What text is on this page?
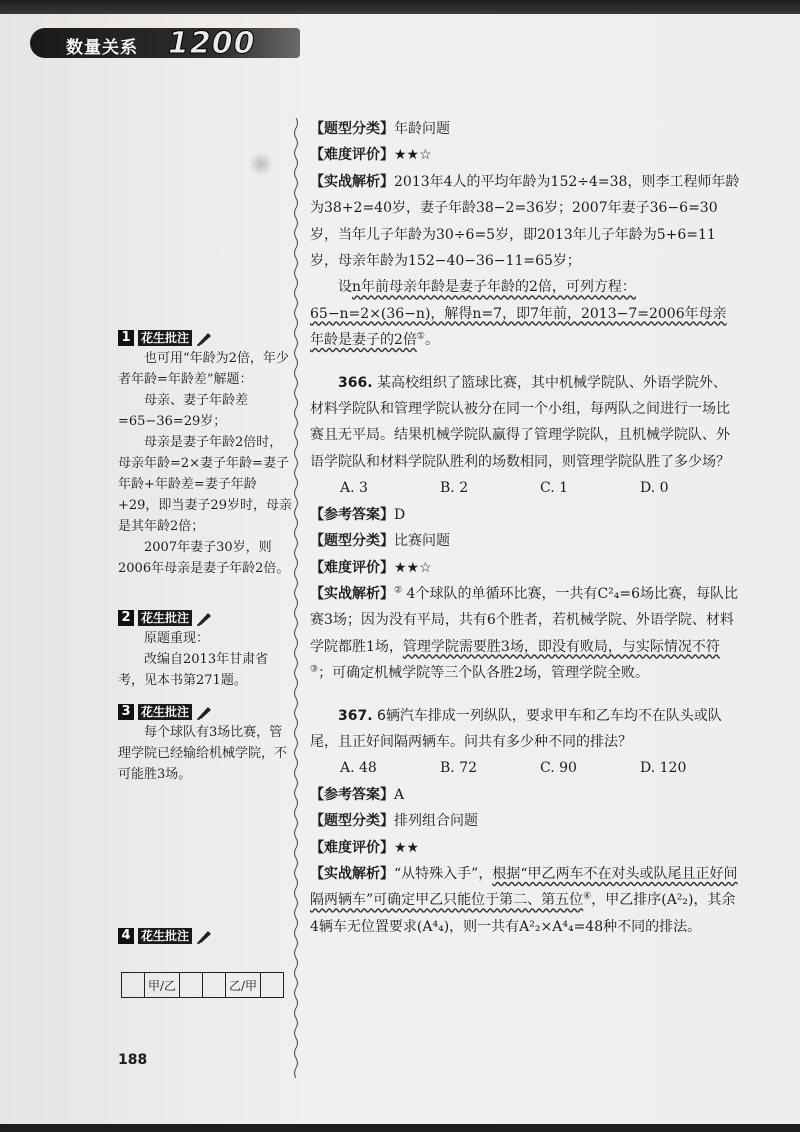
数量关系 1200
1 花生批注

也可用“年龄为2倍，年少者年龄=年龄差”解题：

母亲、妻子年龄差=65−36=29岁；

母亲是妻子年龄2倍时，母亲年龄=2×妻子年龄=妻子年龄+年龄差=妻子年龄+29，即当妻子29岁时，母亲是其年龄2倍；

2007年妻子30岁，则2006年母亲是妻子年龄2倍。

2 花生批注

原题重现：

改编自2013年甘肃省考，见本书第271题。

3 花生批注

每个球队有3场比赛，管理学院已经输给机械学院，不可能胜3场。

4 花生批注
	甲/乙			乙/甲	

【题型分类】年龄问题

【难度评价】★★☆

【实战解析】2013年4人的平均年龄为152÷4=38，则李工程师年龄为38+2=40岁，妻子年龄38−2=36岁；2007年妻子36−6=30岁，当年儿子年龄为30÷6=5岁，即2013年儿子年龄为5+6=11岁，母亲年龄为152−40−36−11=65岁；

设n年前母亲年龄是妻子年龄的2倍，可列方程：65−n=2×(36−n)，解得n=7，即7年前，2013−7=2006年母亲年龄是妻子的2倍①。

366. 某高校组织了篮球比赛，其中机械学院队、外语学院外、材料学院队和管理学院认被分在同一个小组，每两队之间进行一场比赛且无平局。结果机械学院队赢得了管理学院队，且机械学院队、外语学院队和材料学院队胜利的场数相同，则管理学院队胜了多少场？

A. 3	B. 2	C. 1	D. 0

【参考答案】D

【题型分类】比赛问题

【难度评价】★★☆

【实战解析】② 4个球队的单循环比赛，一共有C²₄=6场比赛，每队比赛3场；因为没有平局，共有6个胜者，若机械学院、外语学院、材料学院都胜1场，管理学院需要胜3场，即没有败局，与实际情况不符③；可确定机械学院等三个队各胜2场，管理学院全败。

367. 6辆汽车排成一列纵队，要求甲车和乙车均不在队头或队尾，且正好间隔两辆车。问共有多少种不同的排法？

A. 48	B. 72	C. 90	D. 120

【参考答案】A

【题型分类】排列组合问题

【难度评价】★★

【实战解析】“从特殊入手”，根据“甲乙两车不在对头或队尾且正好间隔两辆车”可确定甲乙只能位于第二、第五位④，甲乙排序(A²₂)，其余4辆车无位置要求(A⁴₄)，则一共有A²₂×A⁴₄=48种不同的排法。

188
